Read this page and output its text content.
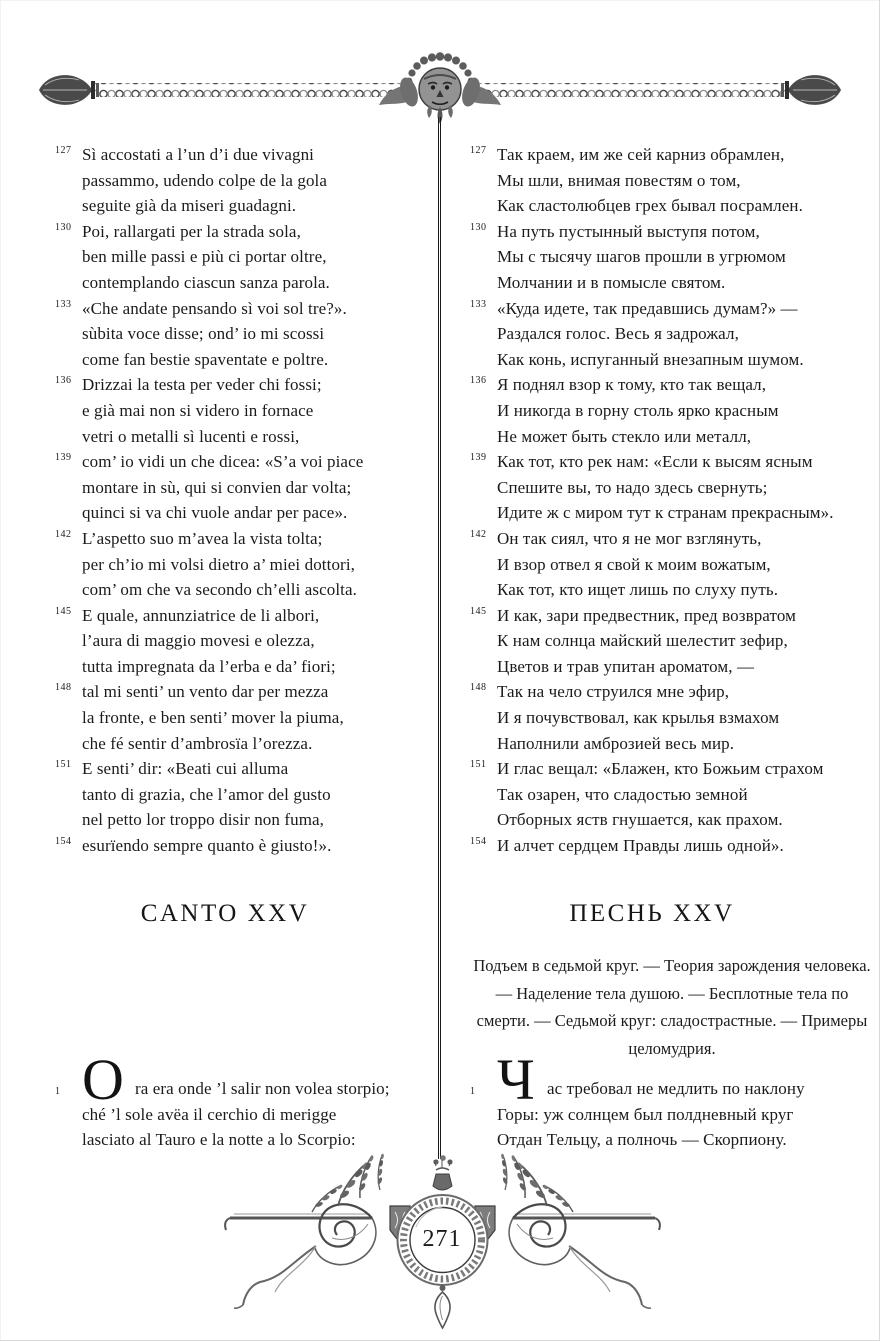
127 Sì accostati a l’un d’i due vivagni
passammo, udendo colpe de la gola
seguite già da miseri guadagni.
130 Poi, rallargati per la strada sola,
ben mille passi e più ci portar oltre,
contemplando ciascun sanza parola.
133 «Che andate pensando sì voi sol tre?».
sùbita voce disse; ond’ io mi scossi
come fan bestie spaventate e poltre.
136 Drizzai la testa per veder chi fossi;
e già mai non si videro in fornace
vetri o metalli sì lucenti e rossi,
139 com’ io vidi un che dicea: «S’a voi piace
montare in sù, qui si convien dar volta;
quinci si va chi vuole andar per pace».
142 L’aspetto suo m’avea la vista tolta;
per ch’io mi volsi dietro a’ miei dottori,
com’ om che va secondo ch’elli ascolta.
145 E quale, annunziatrice de li albori,
l’aura di maggio movesi e olezza,
tutta impregnata da l’erba e da’ fiori;
148 tal mi senti’ un vento dar per mezza
la fronte, e ben senti’ mover la piuma,
che fé sentir d’ambrosïa l’orezza.
151 E senti’ dir: «Beati cui alluma
tanto di grazia, che l’amor del gusto
nel petto lor troppo disir non fuma,
154 esurïendo sempre quanto è giusto!».
CANTO XXV
1 O ra era onde ’l salir non volea storpio;
ché ’l sole avëa il cerchio di merigge
lasciato al Tauro e la notte a lo Scorpio:
127 Так краем, им же сей карниз обрамлен,
Мы шли, внимая повестям о том,
Как сластолюбцев грех бывал посрамлен.
130 На путь пустынный выступя потом,
Мы с тысячу шагов прошли в угрюмом
Молчании и в помысле святом.
133 «Куда идете, так предавшись думам?» —
Раздался голос. Весь я задрожал,
Как конь, испуганный внезапным шумом.
136 Я поднял взор к тому, кто так вещал,
И никогда в горну столь ярко красным
Не может быть стекло или металл,
139 Как тот, кто рек нам: «Если к высям ясным
Спешите вы, то надо здесь свернуть;
Идите ж с миром тут к странам прекрасным».
142 Он так сиял, что я не мог взглянуть,
И взор отвел я свой к моим вожатым,
Как тот, кто ищет лишь по слуху путь.
145 И как, зари предвестник, пред возвратом
К нам солнца майский шелестит зефир,
Цветов и трав упитан ароматом, —
148 Так на чело струился мне эфир,
И я почувствовал, как крылья взмахом
Наполнили амброзией весь мир.
151 И глас вещал: «Блажен, кто Божьим страхом
Так озарен, что сладостью земной
Отборных яств гнушается, как прахом.
154 И алчет сердцем Правды лишь одной».
ПЕСНЬ XXV
Подъем в седьмой круг. — Теория зарождения человека. — Наделение тела душою. — Бесплотные тела по смерти. — Седьмой круг: сладострастные. — Примеры целомудрия.
1 Ч ас требовал не медлить по наклону
Горы: уж солнцем был полдневный круг
Отдан Тельцу, а полночь — Скорпиону.
271
